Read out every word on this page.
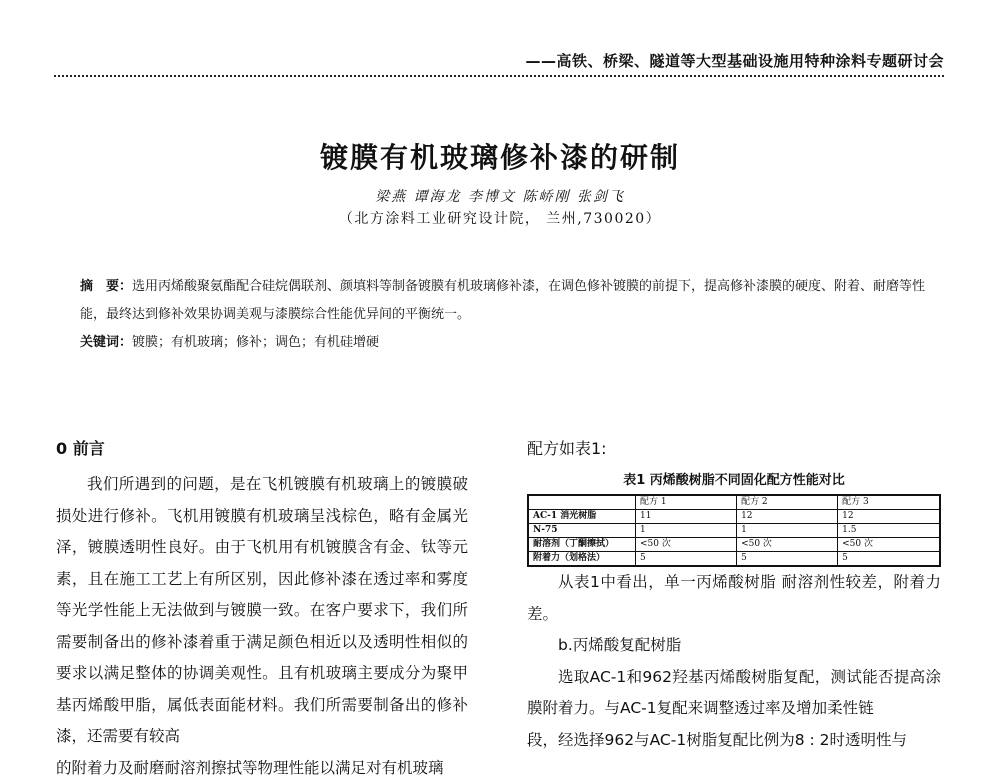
——高铁、桥梁、隧道等大型基础设施用特种涂料专题研讨会
镀膜有机玻璃修补漆的研制
梁燕 谭海龙 李博文 陈峤刚 张剑飞
（北方涂料工业研究设计院， 兰州,730020）
摘　要：选用丙烯酸聚氨酯配合硅烷偶联剂、颜填料等制备镀膜有机玻璃修补漆，在调色修补镀膜的前提下，提高修补漆膜的硬度、附着、耐磨等性能，最终达到修补效果协调美观与漆膜综合性能优异间的平衡统一。
关键词：镀膜；有机玻璃；修补；调色；有机硅增硬
0 前言

我们所遇到的问题，是在飞机镀膜有机玻璃上的镀膜破损处进行修补。飞机用镀膜有机玻璃呈浅棕色，略有金属光泽，镀膜透明性良好。由于飞机用有机镀膜含有金、钛等元素，且在施工工艺上有所区别，因此修补漆在透过率和雾度等光学性能上无法做到与镀膜一致。在客户要求下，我们所需要制备出的修补漆着重于满足颜色相近以及透明性相似的要求以满足整体的协调美观性。且有机玻璃主要成分为聚甲基丙烯酸甲脂，属低表面能材料。我们所需要制备出的修补漆，还需要有较高

的附着力及耐磨耐溶剂擦拭等物理性能以满足对有机玻璃

配方如表1:
表1 丙烯酸树脂不同固化配方性能对比
	配方 1	配方 2	配方 3
AC-1 消光树脂	11	12	12
N-75	1	1	1.5
耐溶剂（丁酮擦拭）	<50 次	<50 次	<50 次
附着力（划格法）	5	5	5

从表1中看出，单一丙烯酸树脂 耐溶剂性较差，附着力差。

b.丙烯酸复配树脂

选取AC-1和962羟基丙烯酸树脂复配，测试能否提高涂膜附着力。与AC-1复配来调整透过率及增加柔性链

段，经选择962与AC-1树脂复配比例为8 : 2时透明性与
